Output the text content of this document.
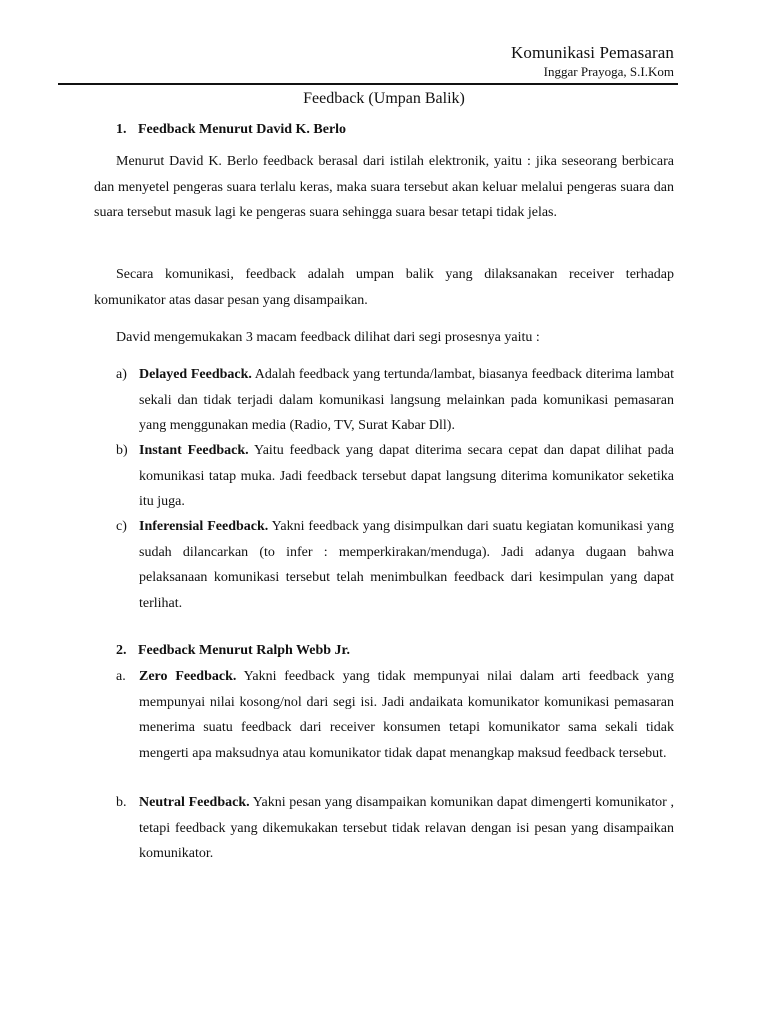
Komunikasi Pemasaran
Inggar Prayoga, S.I.Kom
Feedback (Umpan Balik)
1. Feedback Menurut David K. Berlo
Menurut David K. Berlo feedback berasal dari istilah elektronik, yaitu : jika seseorang berbicara dan menyetel pengeras suara terlalu keras, maka suara tersebut akan keluar melalui pengeras suara dan suara tersebut masuk lagi ke pengeras suara sehingga suara besar tetapi tidak jelas.
Secara komunikasi, feedback adalah umpan balik yang dilaksanakan receiver terhadap komunikator atas dasar pesan yang disampaikan.
David mengemukakan 3 macam feedback dilihat dari segi prosesnya yaitu :
a) Delayed Feedback. Adalah feedback yang tertunda/lambat, biasanya feedback diterima lambat sekali dan tidak terjadi dalam komunikasi langsung melainkan pada komunikasi pemasaran yang menggunakan media (Radio, TV, Surat Kabar Dll).
b) Instant Feedback. Yaitu feedback yang dapat diterima secara cepat dan dapat dilihat pada komunikasi tatap muka. Jadi feedback tersebut dapat langsung diterima komunikator seketika itu juga.
c) Inferensial Feedback. Yakni feedback yang disimpulkan dari suatu kegiatan komunikasi yang sudah dilancarkan (to infer : memperkirakan/menduga). Jadi adanya dugaan bahwa pelaksanaan komunikasi tersebut telah menimbulkan feedback dari kesimpulan yang dapat terlihat.
2. Feedback Menurut Ralph Webb Jr.
a. Zero Feedback. Yakni feedback yang tidak mempunyai nilai dalam arti feedback yang mempunyai nilai kosong/nol dari segi isi. Jadi andaikata komunikator komunikasi pemasaran menerima suatu feedback dari receiver konsumen tetapi komunikator sama sekali tidak mengerti apa maksudnya atau komunikator tidak dapat menangkap maksud feedback tersebut.
b. Neutral Feedback. Yakni pesan yang disampaikan komunikan dapat dimengerti komunikator , tetapi feedback yang dikemukakan tersebut tidak relavan dengan isi pesan yang disampaikan komunikator.
